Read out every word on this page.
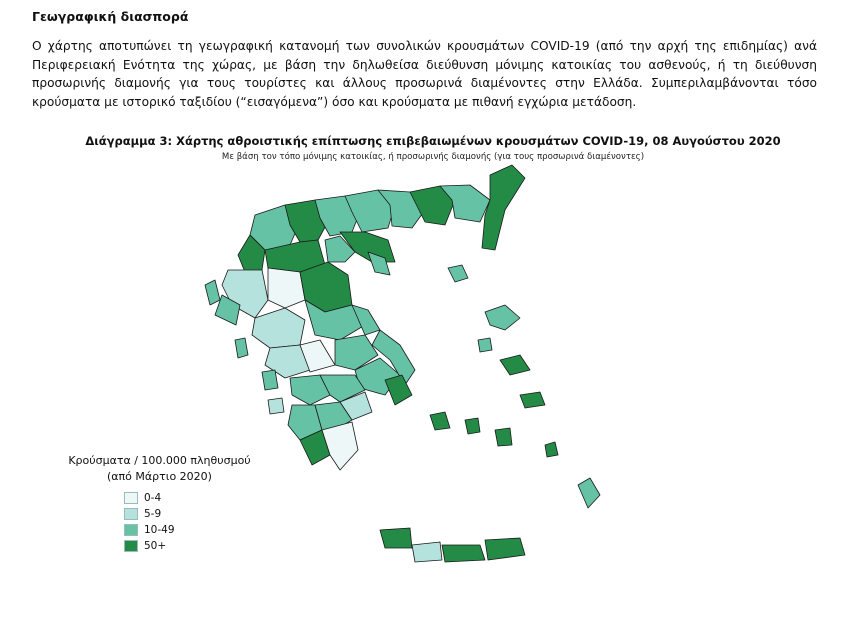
Γεωγραφική διασπορά
Ο χάρτης αποτυπώνει τη γεωγραφική κατανομή των συνολικών κρουσμάτων COVID-19 (από την αρχή της επιδημίας) ανά Περιφερειακή Ενότητα της χώρας, με βάση την δηλωθείσα διεύθυνση μόνιμης κατοικίας του ασθενούς, ή τη διεύθυνση προσωρινής διαμονής για τους τουρίστες και άλλους προσωρινά διαμένοντες στην Ελλάδα. Συμπεριλαμβάνονται τόσο κρούσματα με ιστορικό ταξιδίου (“εισαγόμενα”) όσο και κρούσματα με πιθανή εγχώρια μετάδοση.
Διάγραμμα 3: Χάρτης αθροιστικής επίπτωσης επιβεβαιωμένων κρουσμάτων COVID-19, 08 Αυγούστου 2020
Με βάση τον τόπο μόνιμης κατοικίας, ή προσωρινής διαμονής (για τους προσωρινά διαμένοντες)
Κρούσματα / 100.000 πληθυσμού
(από Μάρτιο 2020)
0-4
5-9
10-49
50+
